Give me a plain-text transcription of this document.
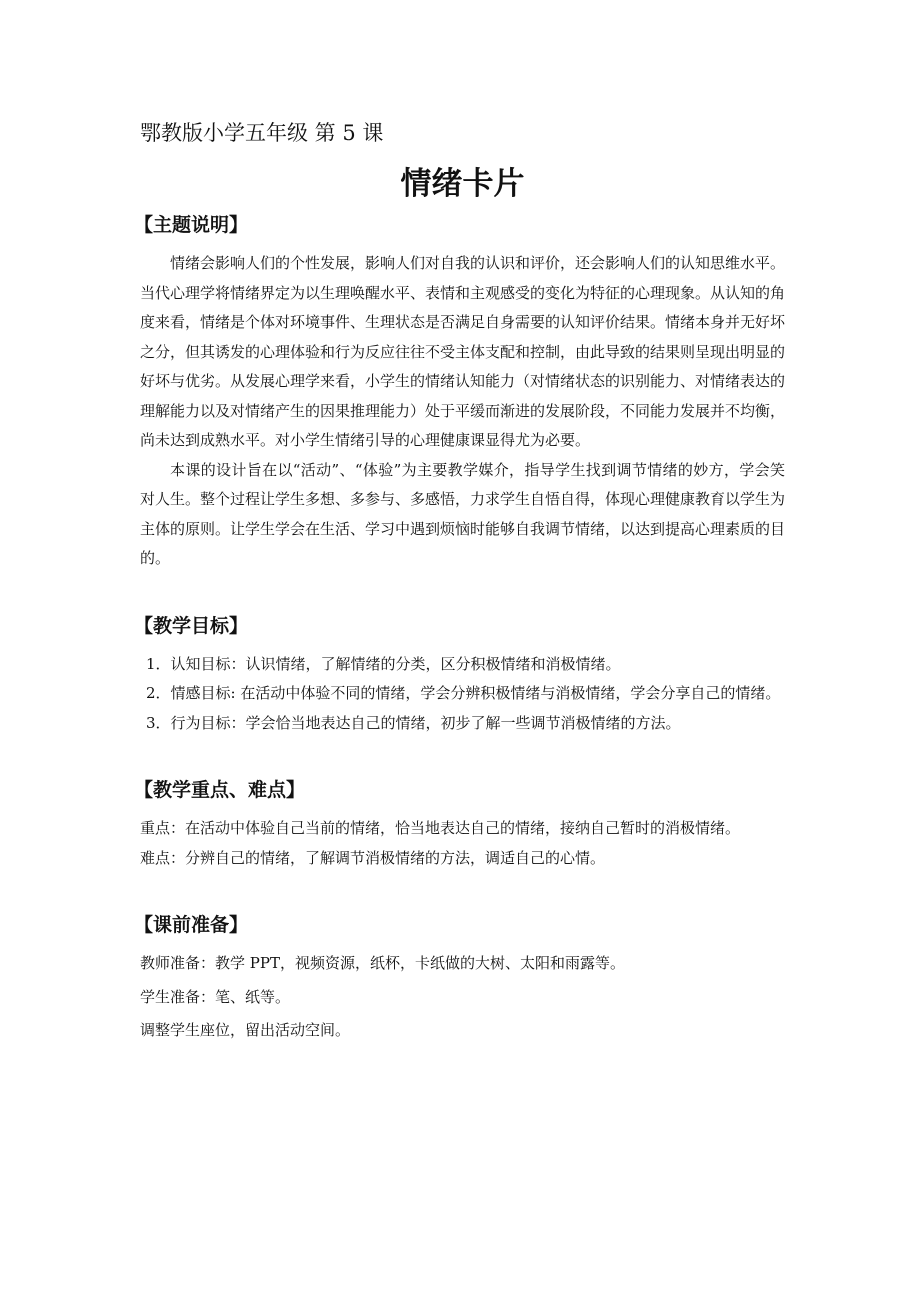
鄂教版小学五年级 第 5 课

情绪卡片
【主题说明】

情绪会影响人们的个性发展，影响人们对自我的认识和评价，还会影响人们的认知思维水平。当代心理学将情绪界定为以生理唤醒水平、表情和主观感受的变化为特征的心理现象。从认知的角度来看，情绪是个体对环境事件、生理状态是否满足自身需要的认知评价结果。情绪本身并无好坏之分，但其诱发的心理体验和行为反应往往不受主体支配和控制，由此导致的结果则呈现出明显的好坏与优劣。从发展心理学来看，小学生的情绪认知能力（对情绪状态的识别能力、对情绪表达的理解能力以及对情绪产生的因果推理能力）处于平缓而渐进的发展阶段，不同能力发展并不均衡，尚未达到成熟水平。对小学生情绪引导的心理健康课显得尤为必要。

本课的设计旨在以“活动”、“体验”为主要教学媒介，指导学生找到调节情绪的妙方，学会笑对人生。整个过程让学生多想、多参与、多感悟，力求学生自悟自得，体现心理健康教育以学生为主体的原则。让学生学会在生活、学习中遇到烦恼时能够自我调节情绪，以达到提高心理素质的目的。

【教学目标】

1．认知目标：认识情绪，了解情绪的分类，区分积极情绪和消极情绪。

2．情感目标: 在活动中体验不同的情绪，学会分辨积极情绪与消极情绪，学会分享自己的情绪。

3．行为目标：学会恰当地表达自己的情绪，初步了解一些调节消极情绪的方法。

【教学重点、难点】

重点：在活动中体验自己当前的情绪，恰当地表达自己的情绪，接纳自己暂时的消极情绪。

难点：分辨自己的情绪，了解调节消极情绪的方法，调适自己的心情。

【课前准备】

教师准备：教学 PPT，视频资源，纸杯，卡纸做的大树、太阳和雨露等。

学生准备：笔、纸等。

调整学生座位，留出活动空间。
